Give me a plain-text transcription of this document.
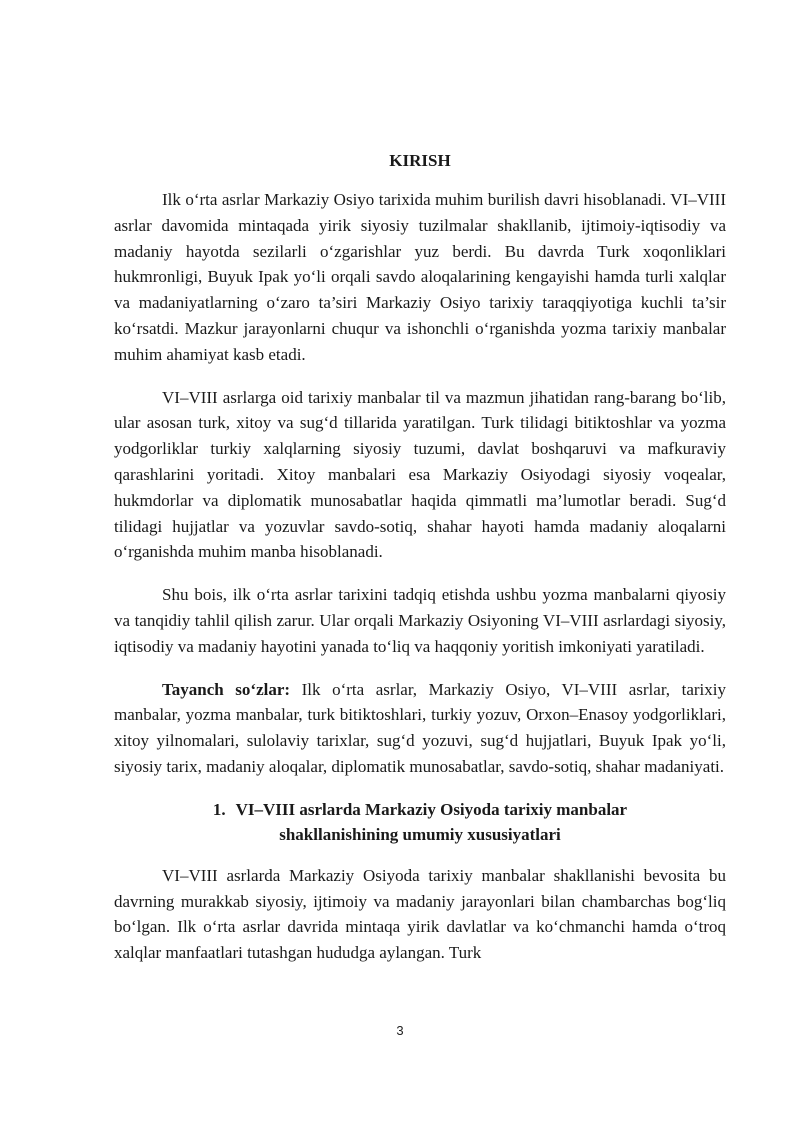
KIRISH

Ilk o‘rta asrlar Markaziy Osiyo tarixida muhim burilish davri hisoblanadi. VI–VIII asrlar davomida mintaqada yirik siyosiy tuzilmalar shakllanib, ijtimoiy-iqtisodiy va madaniy hayotda sezilarli o‘zgarishlar yuz berdi. Bu davrda Turk xoqonliklari hukmronligi, Buyuk Ipak yo‘li orqali savdo aloqalarining kengayishi hamda turli xalqlar va madaniyatlarning o‘zaro ta’siri Markaziy Osiyo tarixiy taraqqiyotiga kuchli ta’sir ko‘rsatdi. Mazkur jarayonlarni chuqur va ishonchli o‘rganishda yozma tarixiy manbalar muhim ahamiyat kasb etadi.

VI–VIII asrlarga oid tarixiy manbalar til va mazmun jihatidan rang-barang bo‘lib, ular asosan turk, xitoy va sug‘d tillarida yaratilgan. Turk tilidagi bitiktoshlar va yozma yodgorliklar turkiy xalqlarning siyosiy tuzumi, davlat boshqaruvi va mafkuraviy qarashlarini yoritadi. Xitoy manbalari esa Markaziy Osiyodagi siyosiy voqealar, hukmdorlar va diplomatik munosabatlar haqida qimmatli ma’lumotlar beradi. Sug‘d tilidagi hujjatlar va yozuvlar savdo-sotiq, shahar hayoti hamda madaniy aloqalarni o‘rganishda muhim manba hisoblanadi.

Shu bois, ilk o‘rta asrlar tarixini tadqiq etishda ushbu yozma manbalarni qiyosiy va tanqidiy tahlil qilish zarur. Ular orqali Markaziy Osiyoning VI–VIII asrlardagi siyosiy, iqtisodiy va madaniy hayotini yanada to‘liq va haqqoniy yoritish imkoniyati yaratiladi.

Tayanch so‘zlar: Ilk o‘rta asrlar, Markaziy Osiyo, VI–VIII asrlar, tarixiy manbalar, yozma manbalar, turk bitiktoshlari, turkiy yozuv, Orxon–Enasoy yodgorliklari, xitoy yilnomalari, sulolaviy tarixlar, sug‘d yozuvi, sug‘d hujjatlari, Buyuk Ipak yo‘li, siyosiy tarix, madaniy aloqalar, diplomatik munosabatlar, savdo-sotiq, shahar madaniyati.

1. VI–VIII asrlarda Markaziy Osiyoda tarixiy manbalar
shakllanishining umumiy xususiyatlari

VI–VIII asrlarda Markaziy Osiyoda tarixiy manbalar shakllanishi bevosita bu davrning murakkab siyosiy, ijtimoiy va madaniy jarayonlari bilan chambarchas bog‘liq bo‘lgan. Ilk o‘rta asrlar davrida mintaqa yirik davlatlar va ko‘chmanchi hamda o‘troq xalqlar manfaatlari tutashgan hududga aylangan. Turk

3
